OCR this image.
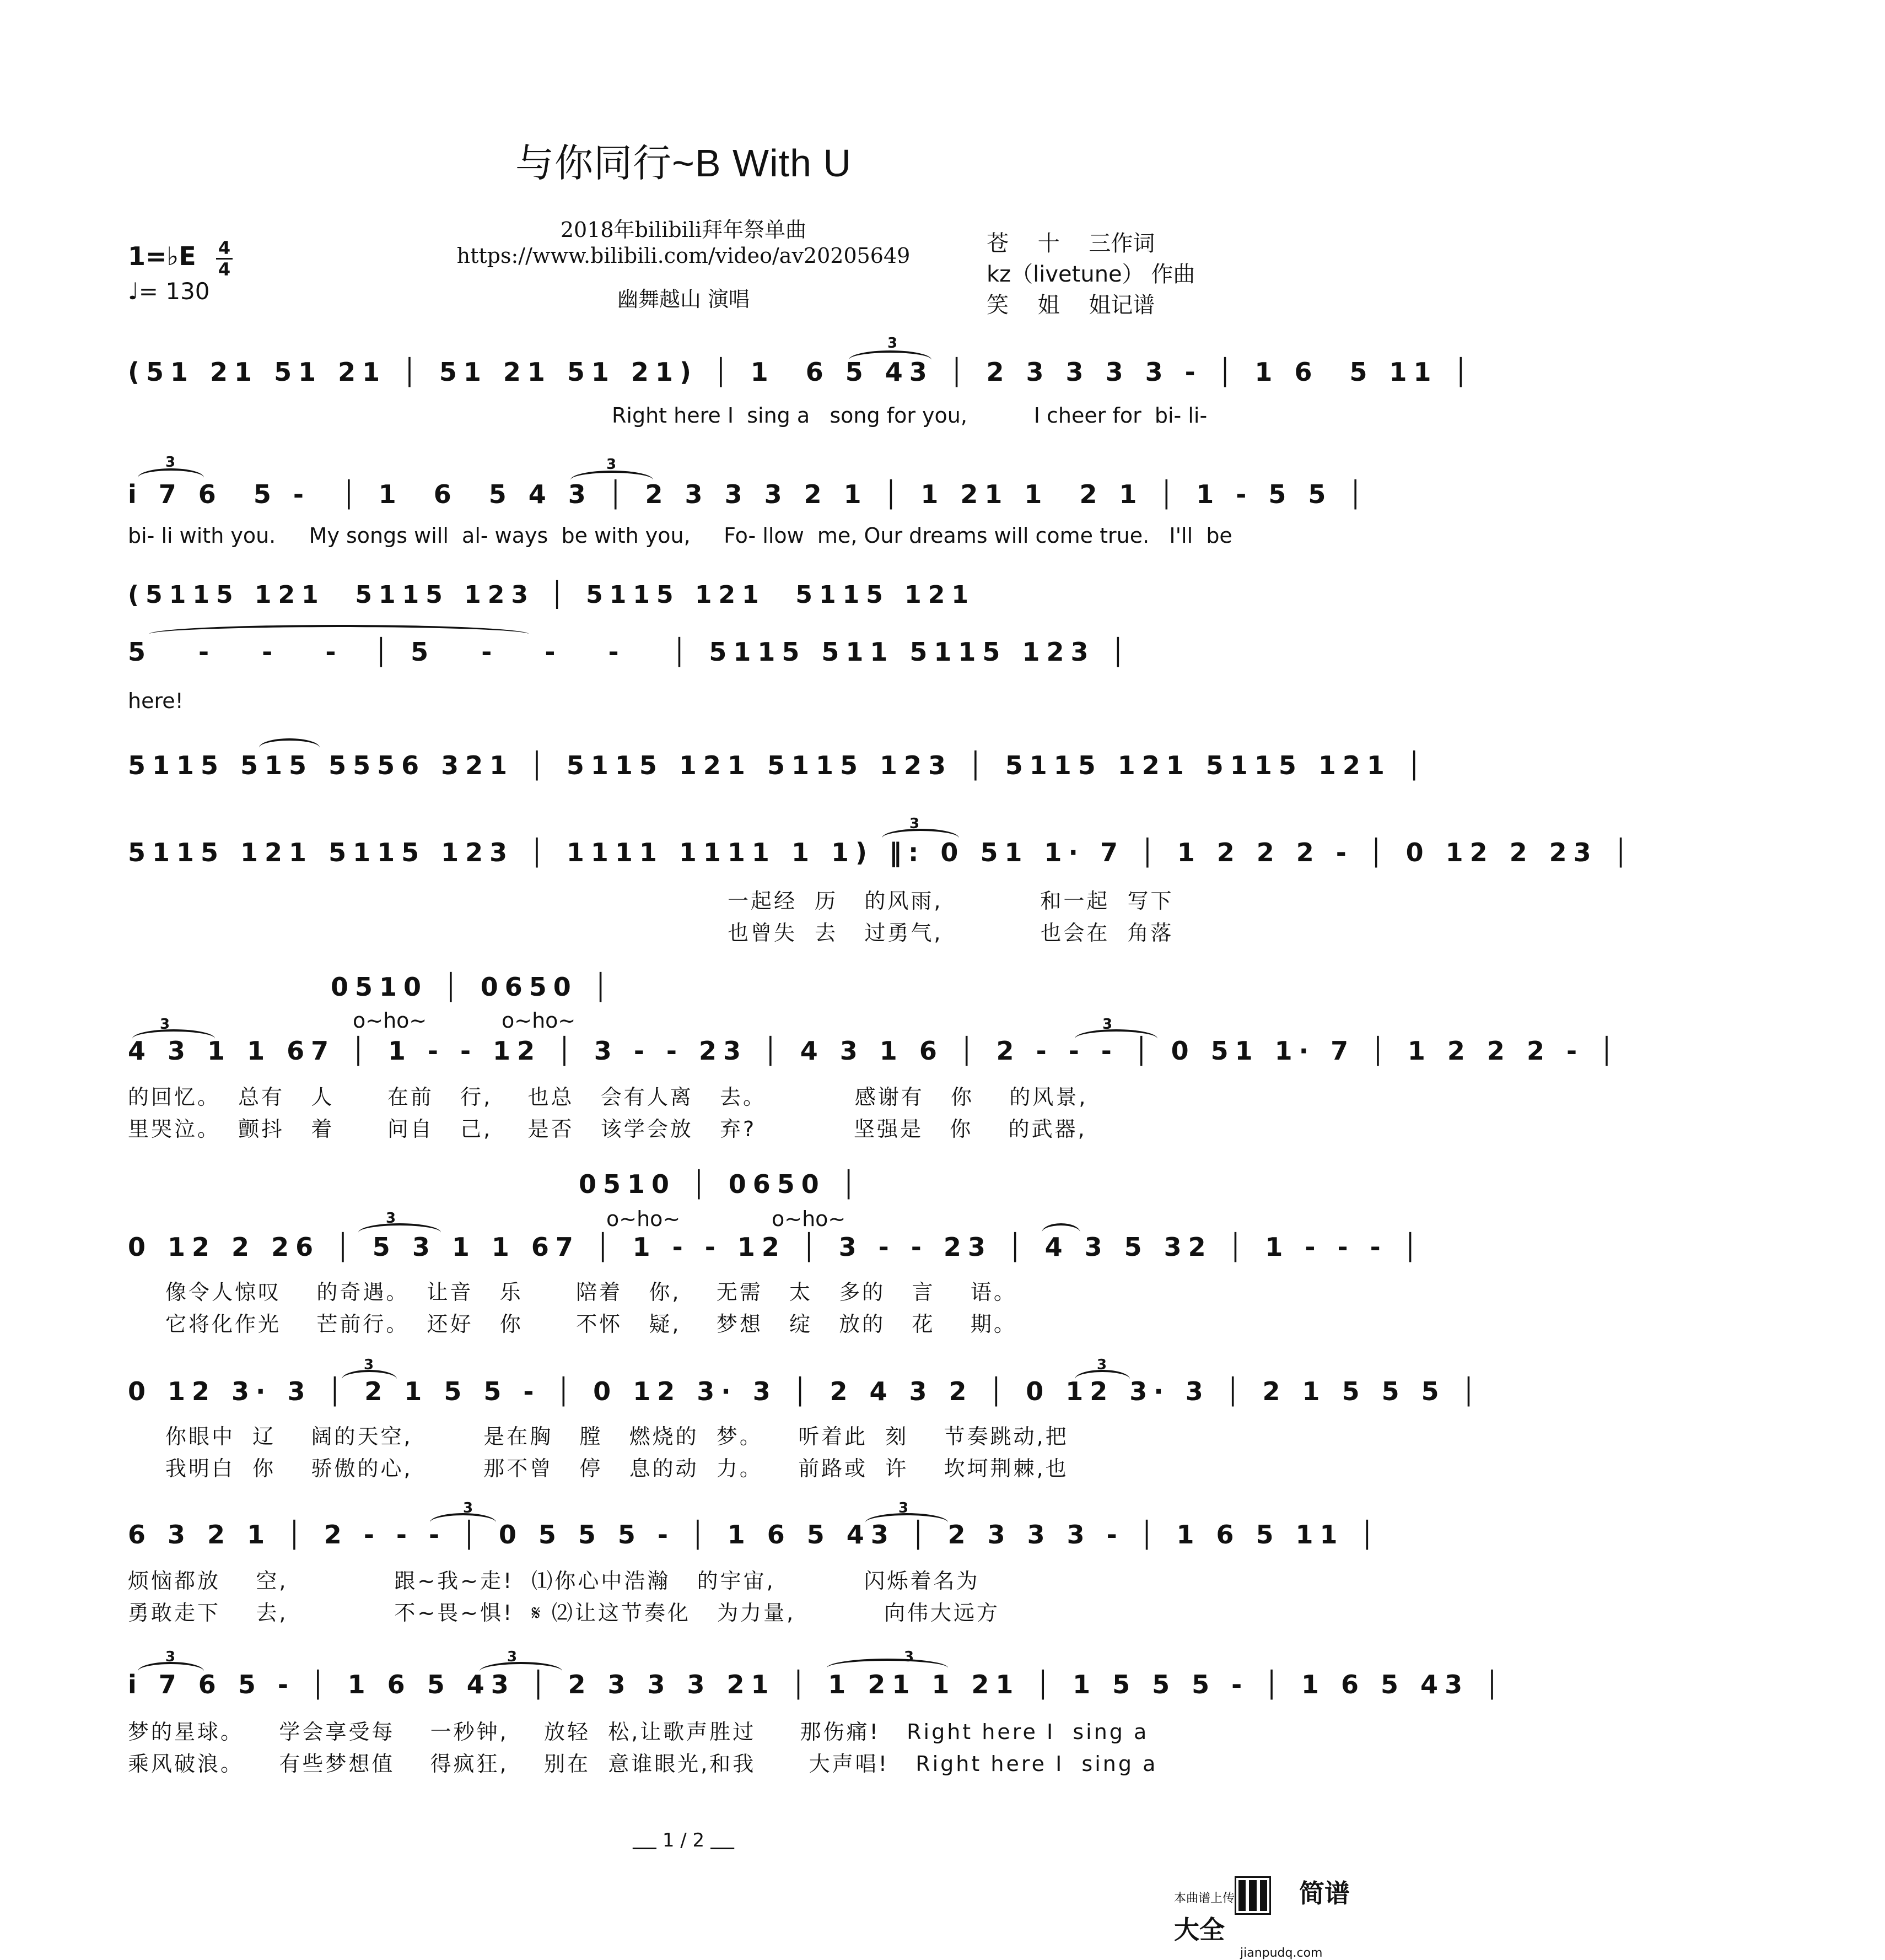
与你同行~B With U
2018年bilibili拜年祭单曲
https://www.bilibili.com/video/av20205649
幽舞越山 演唱
苍　 十　 三作词
kz（livetune） 作曲
笑　 姐　 姐记谱
1=♭E	4
4
♩= 130
3
(51 21 51 21 │ 51 21 51 21) │ 1  6 5 43 │ 2 3 3 3 3 - │ 1 6  5 11 │
Right here I  sing a   song for you,          I cheer for  bi- li-
3	3
i 7 6  5 -  │ 1  6  5 4 3 │ 2 3 3 3 2 1 │ 1 21 1  2 1 │ 1 - 5 5 │
bi- li with you.     My songs will  al- ways  be with you,     Fo- llow  me, Our dreams will come true.   I'll  be
(5115 121  5115 123 │ 5115 121  5115 121
5   -   -   -  │ 5   -   -   -   │ 5115 511 5115 123 │
here!
5115 515 5556 321 │ 5115 121 5115 123 │ 5115 121 5115 121 │
3
5115 121 5115 123 │ 1111 1111 1 1) ‖: 0 51 1· 7 │ 1 2 2 2 - │ 0 12 2 23 │
一起经  历   的风雨,           和一起  写下
也曾失  去   过勇气,           也会在  角落
0510 │ 0650 │
o~ho~	o~ho~
3	3
4 3 1 1 67 │ 1 - - 12 │ 3 - - 23 │ 4 3 1 6 │ 2 - - - │ 0 51 1· 7 │ 1 2 2 2 - │
的回忆。  总有   人      在前   行,    也总   会有人离   去。          感谢有   你    的风景,
里哭泣。  颤抖   着      问自   己,    是否   该学会放   弃?           坚强是   你    的武器,
0510 │ 0650 │
o~ho~	o~ho~
3
0 12 2 26 │ 5 3 1 1 67 │ 1 - - 12 │ 3 - - 23 │ 4 3 5 32 │ 1 - - - │
像令人惊叹    的奇遇。  让音   乐      陪着   你,    无需   太   多的   言    语。
它将化作光    芒前行。  还好   你      不怀   疑,    梦想   绽   放的   花    期。
3	3
0 12 3· 3 │ 2 1 5 5 - │ 0 12 3· 3 │ 2 4 3 2 │ 0 12 3· 3 │ 2 1 5 5 5 │
你眼中  辽    阔的天空,        是在胸   膛   燃烧的  梦。    听着此  刻    节奏跳动,把
我明白  你    骄傲的心,        那不曾   停   息的动  力。    前路或  许    坎坷荆棘,也
3	3
6 3 2 1 │ 2 - - - │ 0 5 5 5 - │ 1 6 5 43 │ 2 3 3 3 - │ 1 6 5 11 │
烦恼都放    空,            跟~我~走!  ⑴你心中浩瀚   的宇宙,          闪烁着名为
勇敢走下    去,            不~畏~惧!  𝄋 ⑵让这节奏化   为力量,          向伟大远方
3	3	3
i 7 6 5 - │ 1 6 5 43 │ 2 3 3 3 21 │ 1 21 1 21 │ 1 5 5 5 - │ 1 6 5 43 │
梦的星球。    学会享受每    一秒钟,    放轻  松,让歌声胜过     那伤痛!   Right here I  sing a
乘风破浪。    有些梦想值    得疯狂,    别在  意谁眼光,和我      大声唱!   Right here I  sing a
1 / 2
本曲谱上传	简谱大全
jianpudq.com
